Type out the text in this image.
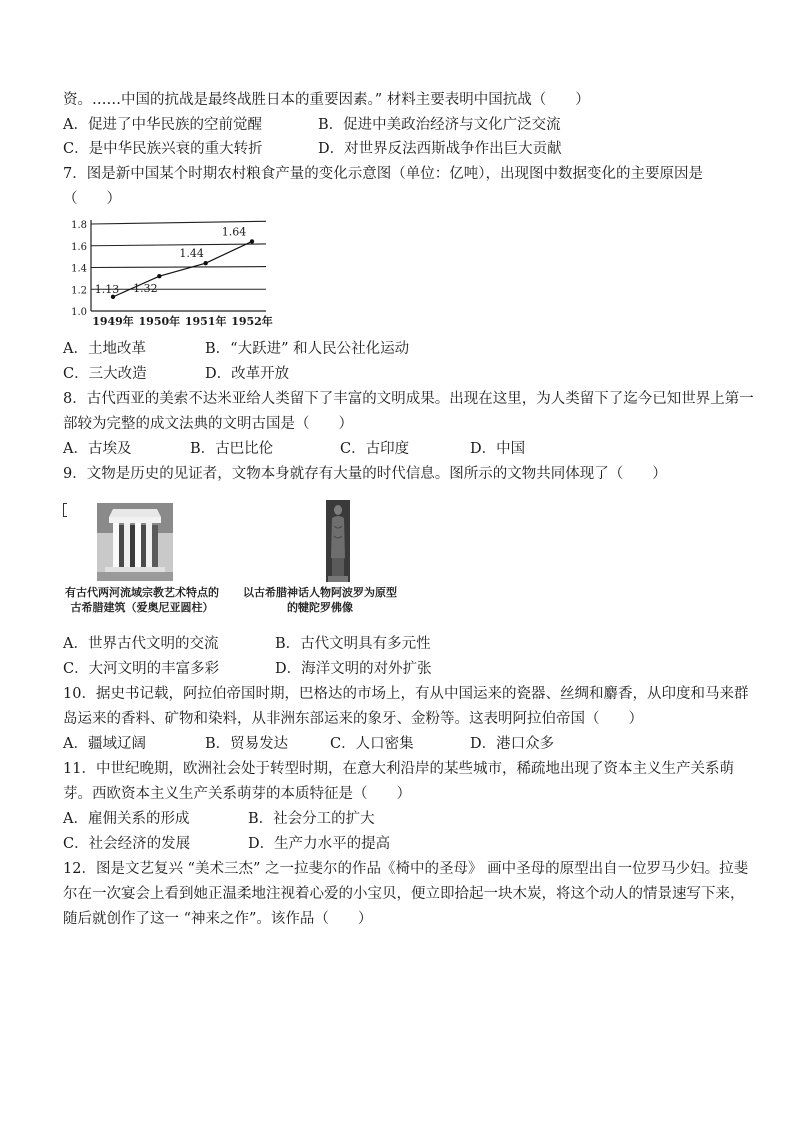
资。……中国的抗战是最终战胜日本的重要因素。” 材料主要表明中国抗战（　　）
A．促进了中华民族的空前觉醒	B．促进中美政治经济与文化广泛交流
C．是中华民族兴衰的重大转折	D．对世界反法西斯战争作出巨大贡献
7．图是新中国某个时期农村粮食产量的变化示意图（单位：亿吨），出现图中数据变化的主要原因是
（　　）
1.0
1.2
1.4
1.6
1.8
1949年 1950年 1951年 1952年
1.13 1.32
1.44
1.64
A．土地改革	B．“大跃进” 和人民公社化运动
C．三大改造	D．改革开放
8．古代西亚的美索不达米亚给人类留下了丰富的文明成果。出现在这里，为人类留下了迄今已知世界上第一
部较为完整的成文法典的文明古国是（　　）
A．古埃及	B．古巴比伦	C．古印度	D．中国
9．文物是历史的见证者，文物本身就存有大量的时代信息。图所示的文物共同体现了（　　）
有古代两河流域宗教艺术特点的
古希腊建筑（爱奥尼亚圆柱）
以古希腊神话人物阿波罗为原型
的犍陀罗佛像
A．世界古代文明的交流	B．古代文明具有多元性
C．大河文明的丰富多彩	D．海洋文明的对外扩张
10．据史书记载，阿拉伯帝国时期，巴格达的市场上，有从中国运来的瓷器、丝绸和麝香，从印度和马来群
岛运来的香料、矿物和染料，从非洲东部运来的象牙、金粉等。这表明阿拉伯帝国（　　）
A．疆域辽阔	B．贸易发达	C．人口密集	D．港口众多
11．中世纪晚期，欧洲社会处于转型时期，在意大利沿岸的某些城市，稀疏地出现了资本主义生产关系萌
芽。西欧资本主义生产关系萌芽的本质特征是（　　）
A．雇佣关系的形成	B．社会分工的扩大
C．社会经济的发展	D．生产力水平的提高
12．图是文艺复兴 “美术三杰” 之一拉斐尔的作品《椅中的圣母》 画中圣母的原型出自一位罗马少妇。拉斐
尔在一次宴会上看到她正温柔地注视着心爱的小宝贝，便立即拾起一块木炭，将这个动人的情景速写下来，
随后就创作了这一 “神来之作”。该作品（　　）
